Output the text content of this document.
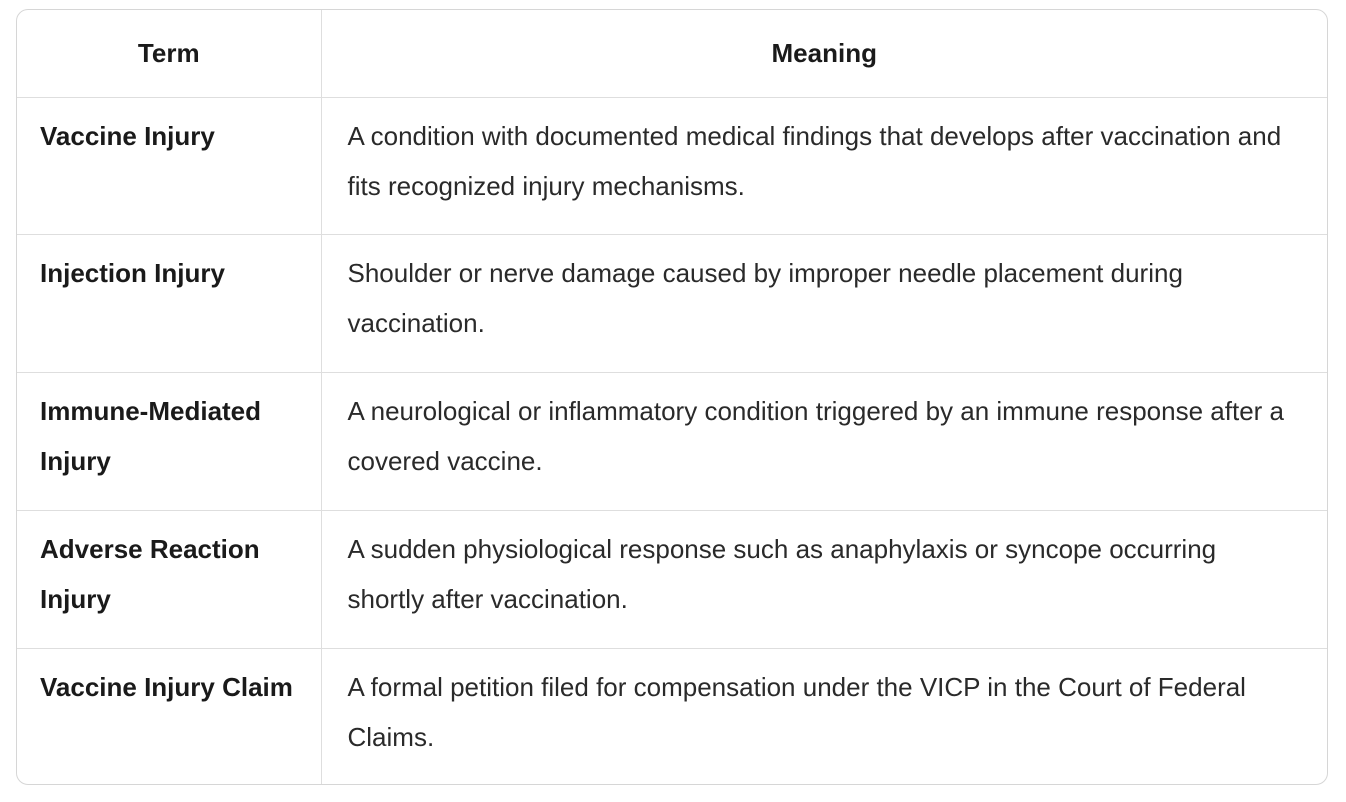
Term	Meaning
Vaccine Injury	A condition with documented medical findings that develops after vaccination and fits recognized injury mechanisms.
Injection Injury	Shoulder or nerve damage caused by improper needle placement during vaccination.
Immune-Mediated Injury	A neurological or inflammatory condition triggered by an immune response after a covered vaccine.
Adverse Reaction Injury	A sudden physiological response such as anaphylaxis or syncope occurring shortly after vaccination.
Vaccine Injury Claim	A formal petition filed for compensation under the VICP in the Court of Federal Claims.
